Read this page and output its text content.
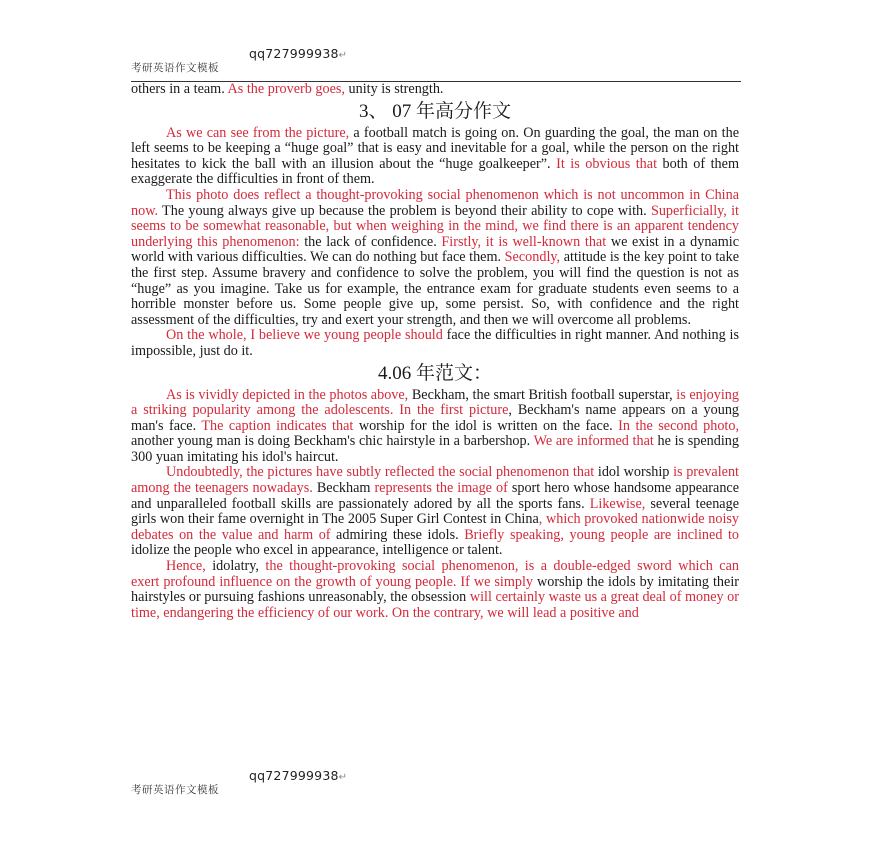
qq727999938↵
考研英语作文模板

others in a team. As the proverb goes, unity is strength.

3、 07 年高分作文

As we can see from the picture, a football match is going on. On guarding the goal, the man on the left seems to be keeping a “huge goal” that is easy and inevitable for a goal, while the person on the right hesitates to kick the ball with an illusion about the “huge goalkeeper”. It is obvious that both of them exaggerate the difficulties in front of them.

This photo does reflect a thought-provoking social phenomenon which is not uncommon in China now. The young always give up because the problem is beyond their ability to cope with. Superficially, it seems to be somewhat reasonable, but when weighing in the mind, we find there is an apparent tendency underlying this phenomenon: the lack of confidence. Firstly, it is well-known that we exist in a dynamic world with various difficulties. We can do nothing but face them. Secondly, attitude is the key point to take the first step. Assume bravery and confidence to solve the problem, you will find the question is not as “huge” as you imagine. Take us for example, the entrance exam for graduate students even seems to a horrible monster before us. Some people give up, some persist. So, with confidence and the right assessment of the difficulties, try and exert your strength, and then we will overcome all problems.

On the whole, I believe we young people should face the difficulties in right manner. And nothing is impossible, just do it.

4.06 年范文：

As is vividly depicted in the photos above, Beckham, the smart British football superstar, is enjoying a striking popularity among the adolescents. In the first picture, Beckham's name appears on a young man's face. The caption indicates that worship for the idol is written on the face. In the second photo, another young man is doing Beckham's chic hairstyle in a barbershop. We are informed that he is spending 300 yuan imitating his idol's haircut.

Undoubtedly, the pictures have subtly reflected the social phenomenon that idol worship is prevalent among the teenagers nowadays. Beckham represents the image of sport hero whose handsome appearance and unparalleled football skills are passionately adored by all the sports fans. Likewise, several teenage girls won their fame overnight in The 2005 Super Girl Contest in China, which provoked nationwide noisy debates on the value and harm of admiring these idols. Briefly speaking, young people are inclined to idolize the people who excel in appearance, intelligence or talent.

Hence, idolatry, the thought-provoking social phenomenon, is a double-edged sword which can exert profound influence on the growth of young people. If we simply worship the idols by imitating their hairstyles or pursuing fashions unreasonably, the obsession will certainly waste us a great deal of money or time, endangering the efficiency of our work. On the contrary, we will lead a positive and

qq727999938↵
考研英语作文模板
